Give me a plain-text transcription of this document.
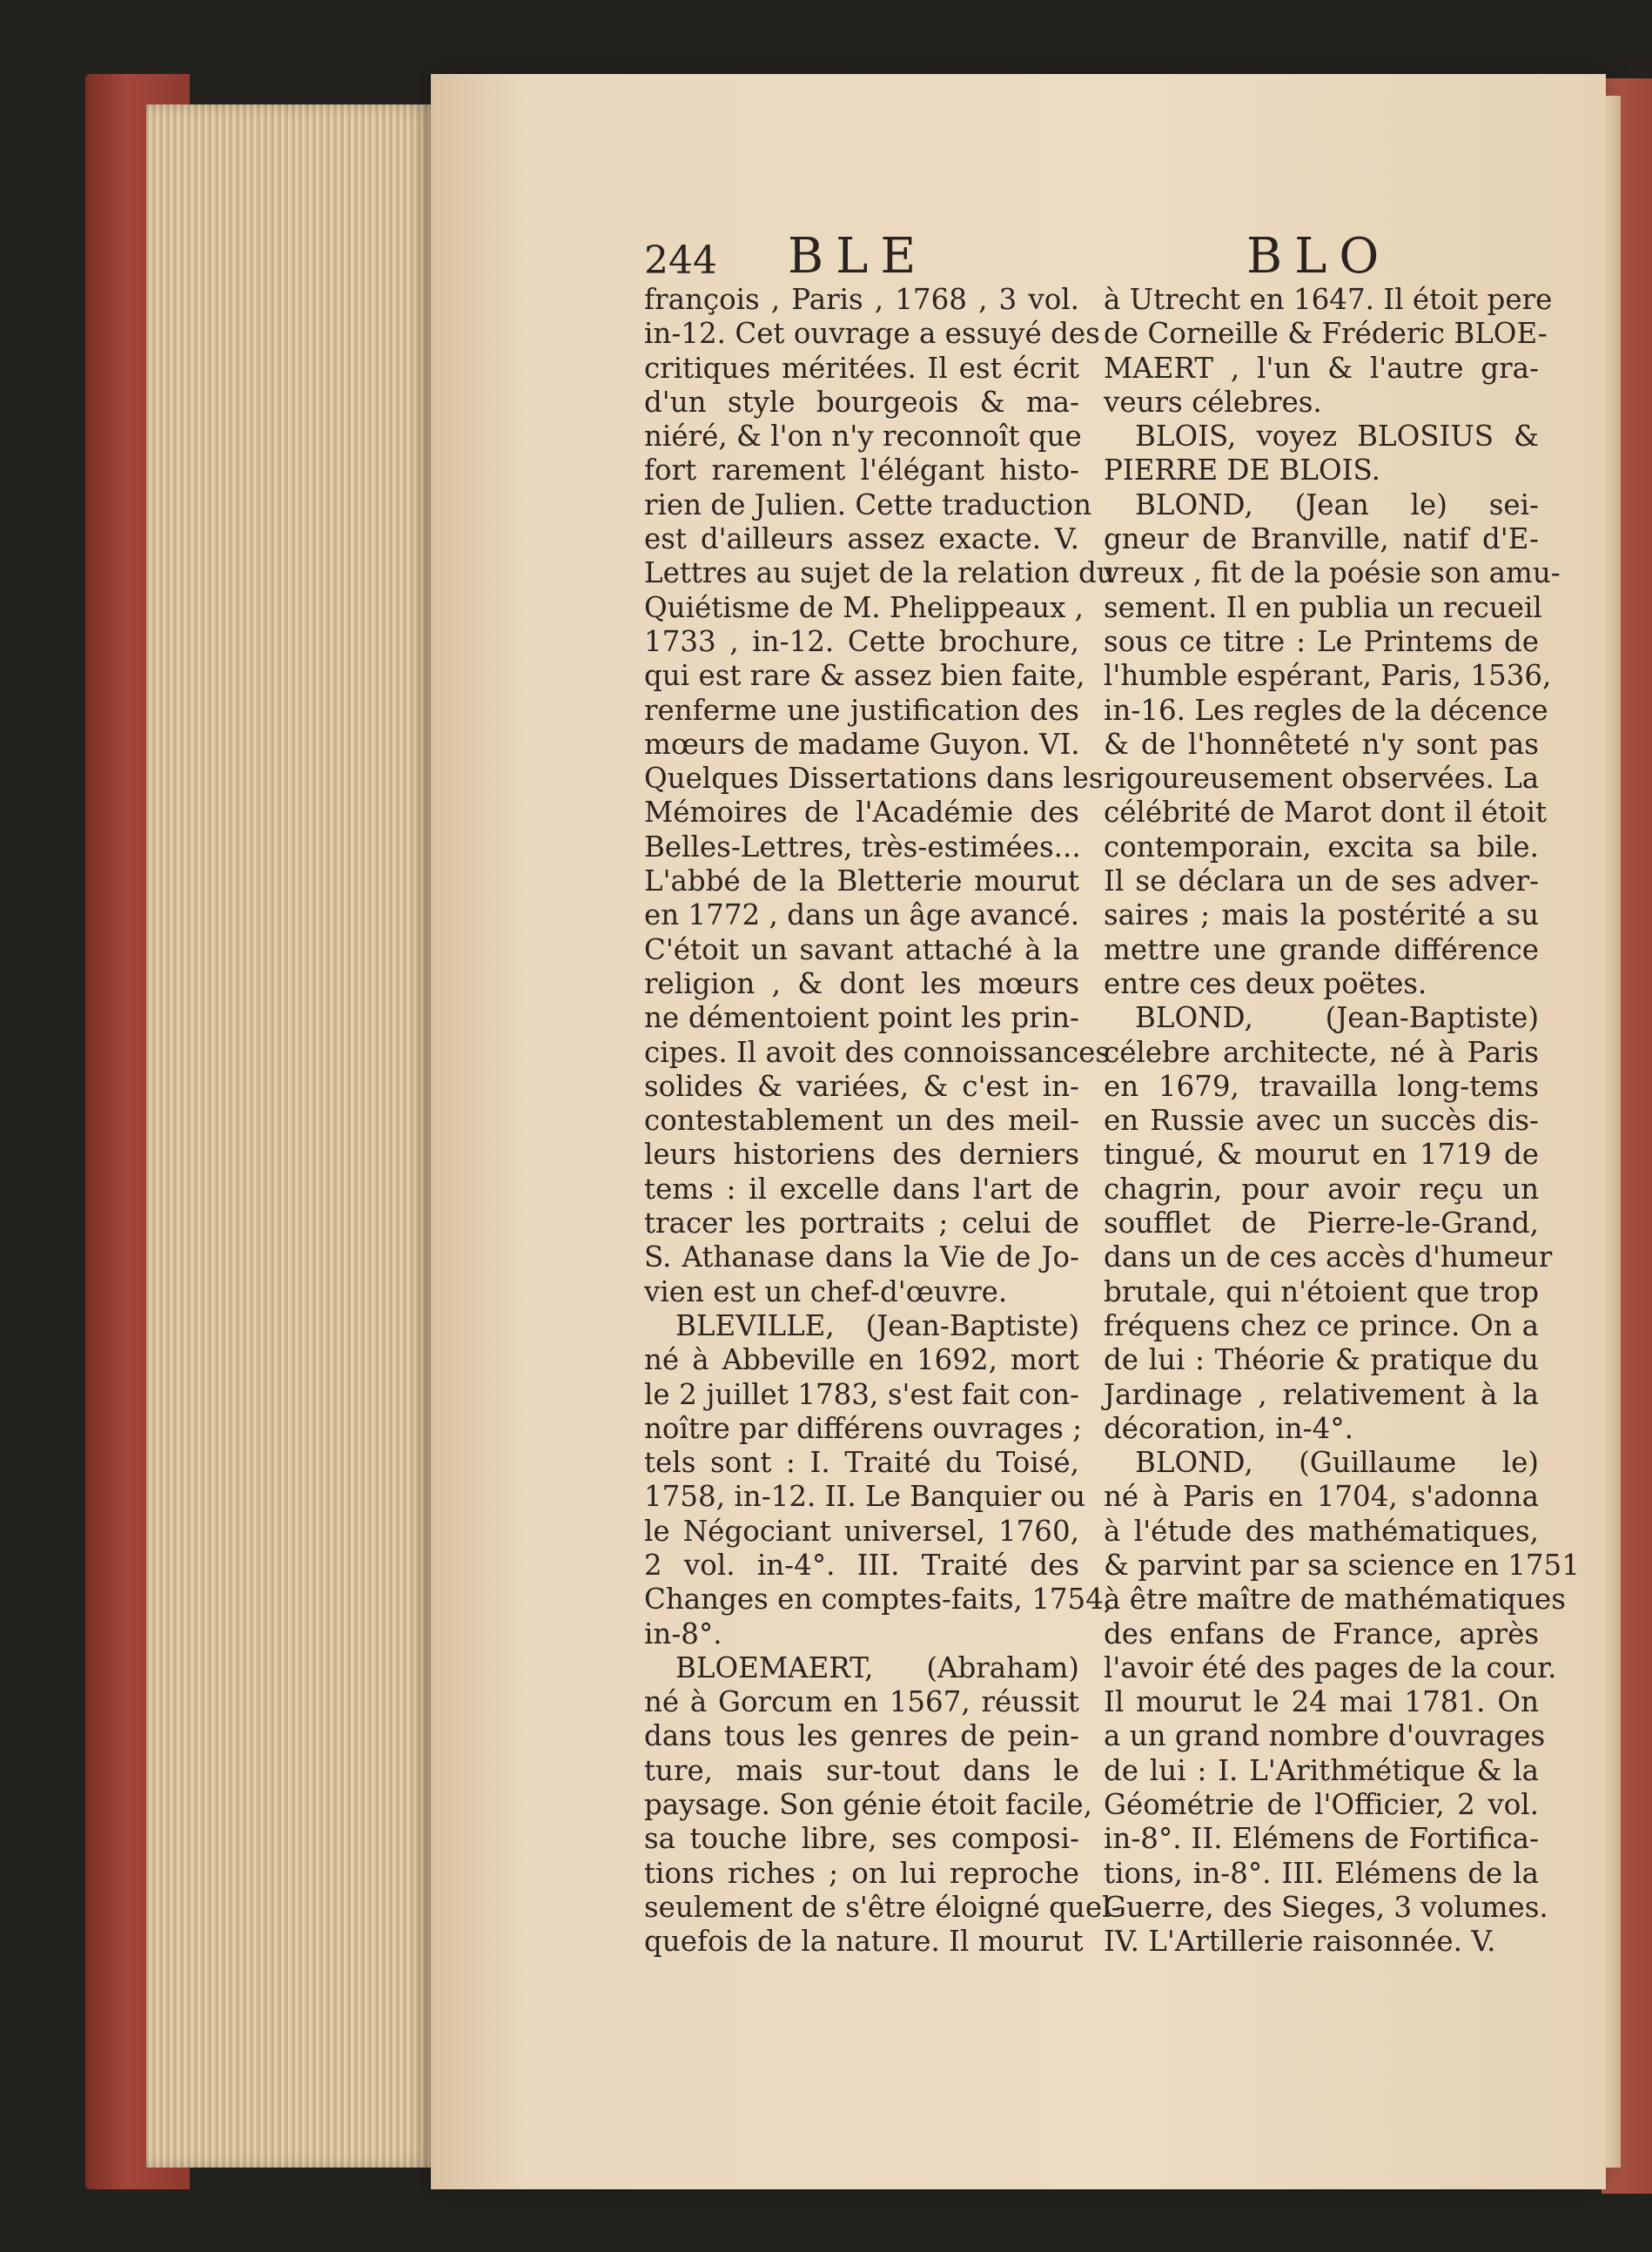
244 BLE	BLO
françois , Paris , 1768 , 3 vol.
in-12. Cet ouvrage a essuyé des
critiques méritées. Il est écrit
d'un style bourgeois & ma-
niéré, & l'on n'y reconnoît que
fort rarement l'élégant histo-
rien de Julien. Cette traduction
est d'ailleurs assez exacte. V.
Lettres au sujet de la relation du
Quiétisme de M. Phelippeaux ,
1733 , in-12. Cette brochure,
qui est rare & assez bien faite,
renferme une justification des
mœurs de madame Guyon. VI.
Quelques Dissertations dans les
Mémoires de l'Académie des
Belles-Lettres, très-estimées...
L'abbé de la Bletterie mourut
en 1772 , dans un âge avancé.
C'étoit un savant attaché à la
religion , & dont les mœurs
ne démentoient point les prin-
cipes. Il avoit des connoissances
solides & variées, & c'est in-
contestablement un des meil-
leurs historiens des derniers
tems : il excelle dans l'art de
tracer les portraits ; celui de
S. Athanase dans la Vie de Jo-
vien est un chef-d'œuvre.
BLEVILLE, (Jean-Baptiste)
né à Abbeville en 1692, mort
le 2 juillet 1783, s'est fait con-
noître par différens ouvrages ;
tels sont : I. Traité du Toisé,
1758, in-12. II. Le Banquier ou
le Négociant universel, 1760,
2 vol. in-4°. III. Traité des
Changes en comptes-faits, 1754,
in-8°.
BLOEMAERT, (Abraham)
né à Gorcum en 1567, réussit
dans tous les genres de pein-
ture, mais sur-tout dans le
paysage. Son génie étoit facile,
sa touche libre, ses composi-
tions riches ; on lui reproche
seulement de s'être éloigné quel-
quefois de la nature. Il mourut
à Utrecht en 1647. Il étoit pere
de Corneille & Fréderic BLOE-
MAERT , l'un & l'autre gra-
veurs célebres.
BLOIS, voyez BLOSIUS &
PIERRE DE BLOIS.
BLOND, (Jean le) sei-
gneur de Branville, natif d'E-
vreux , fit de la poésie son amu-
sement. Il en publia un recueil
sous ce titre : Le Printems de
l'humble espérant, Paris, 1536,
in-16. Les regles de la décence
& de l'honnêteté n'y sont pas
rigoureusement observées. La
célébrité de Marot dont il étoit
contemporain, excita sa bile.
Il se déclara un de ses adver-
saires ; mais la postérité a su
mettre une grande différence
entre ces deux poëtes.
BLOND, (Jean-Baptiste)
célebre architecte, né à Paris
en 1679, travailla long-tems
en Russie avec un succès dis-
tingué, & mourut en 1719 de
chagrin, pour avoir reçu un
soufflet de Pierre-le-Grand,
dans un de ces accès d'humeur
brutale, qui n'étoient que trop
fréquens chez ce prince. On a
de lui : Théorie & pratique du
Jardinage , relativement à la
décoration, in-4°.
BLOND, (Guillaume le)
né à Paris en 1704, s'adonna
à l'étude des mathématiques,
& parvint par sa science en 1751
à être maître de mathématiques
des enfans de France, après
l'avoir été des pages de la cour.
Il mourut le 24 mai 1781. On
a un grand nombre d'ouvrages
de lui : I. L'Arithmétique & la
Géométrie de l'Officier, 2 vol.
in-8°. II. Elémens de Fortifica-
tions, in-8°. III. Elémens de la
Guerre, des Sieges, 3 volumes.
IV. L'Artillerie raisonnée. V.
